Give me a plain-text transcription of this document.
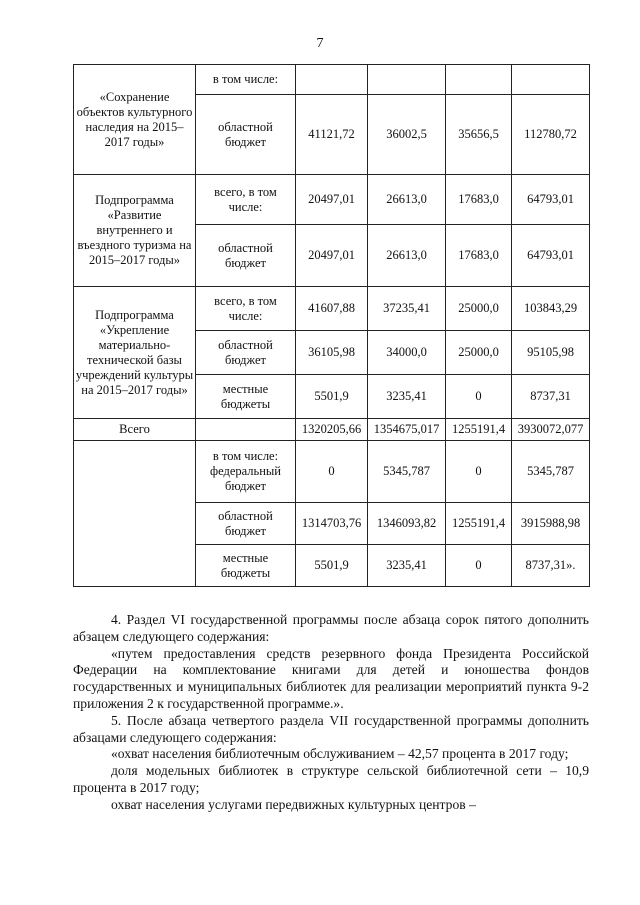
7
«Сохранение объектов культурного наследия на 2015–2017 годы»	в том числе:				
	областной бюджет	41121,72	36002,5	35656,5	112780,72
Подпрограмма «Развитие внутреннего и въездного туризма на 2015–2017 годы»	всего, в том числе:	20497,01	26613,0	17683,0	64793,01
	областной бюджет	20497,01	26613,0	17683,0	64793,01
Подпрограмма «Укрепление материально-технической базы учреждений культуры на 2015–2017 годы»	всего, в том числе:	41607,88	37235,41	25000,0	103843,29
	областной бюджет	36105,98	34000,0	25000,0	95105,98
	местные бюджеты	5501,9	3235,41	0	8737,31
Всего		1320205,66	1354675,017	1255191,4	3930072,077
	в том числе: федеральный бюджет	0	5345,787	0	5345,787
	областной бюджет	1314703,76	1346093,82	1255191,4	3915988,98
	местные бюджеты	5501,9	3235,41	0	8737,31».

4. Раздел VI государственной программы после абзаца сорок пятого дополнить абзацем следующего содержания:

«путем предоставления средств резервного фонда Президента Российской Федерации на комплектование книгами для детей и юношества фондов государственных и муниципальных библиотек для реализации мероприятий пункта 9-2 приложения 2 к государственной программе.».

5. После абзаца четвертого раздела VII государственной программы дополнить абзацами следующего содержания:

«охват населения библиотечным обслуживанием – 42,57 процента в 2017 году;

доля модельных библиотек в структуре сельской библиотечной сети – 10,9 процента в 2017 году;

охват населения услугами передвижных культурных центров –
